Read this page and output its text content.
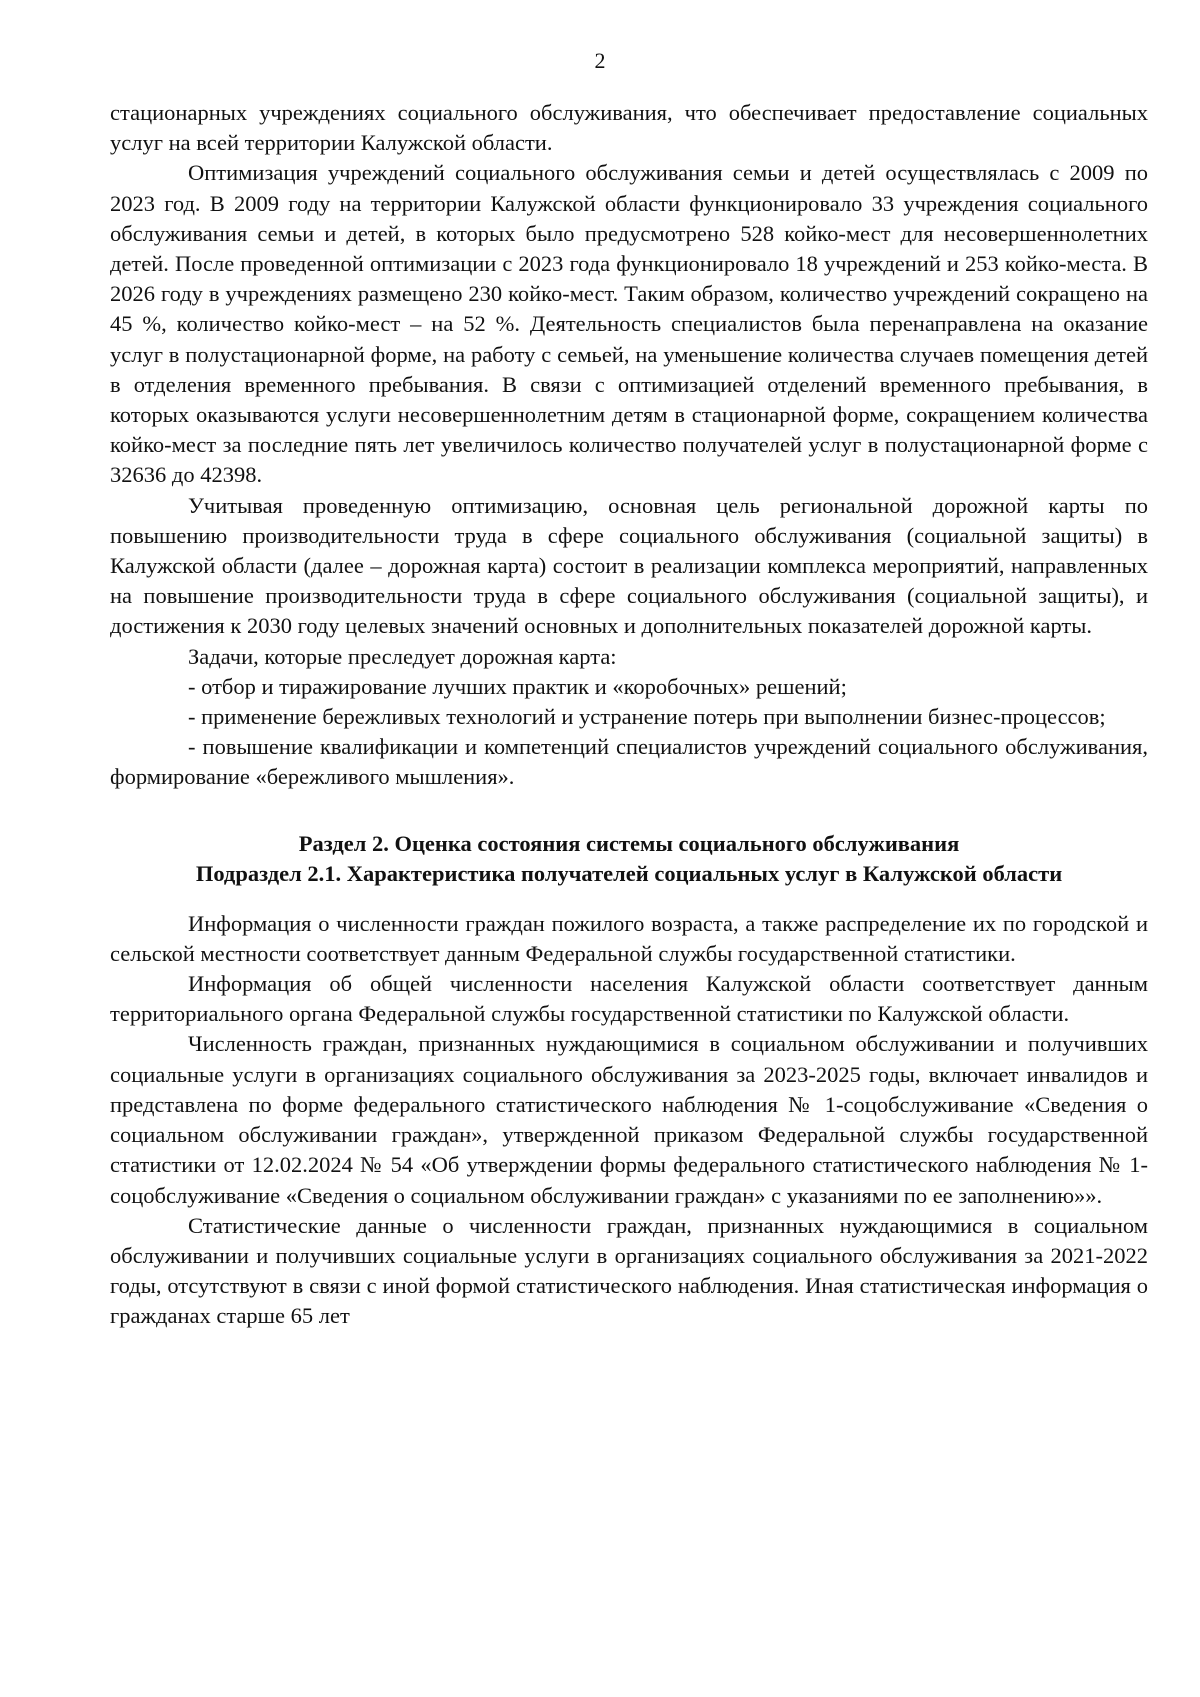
2

стационарных учреждениях социального обслуживания, что обеспечивает предоставление социальных услуг на всей территории Калужской области.

Оптимизация учреждений социального обслуживания семьи и детей осуществлялась с 2009 по 2023 год. В 2009 году на территории Калужской области функционировало 33 учреждения социального обслуживания семьи и детей, в которых было предусмотрено 528 койко-мест для несовершеннолетних детей. После проведенной оптимизации с 2023 года функционировало 18 учреждений и 253 койко-места. В 2026 году в учреждениях размещено 230 койко-мест. Таким образом, количество учреждений сокращено на 45 %, количество койко-мест – на 52 %. Деятельность специалистов была перенаправлена на оказание услуг в полустационарной форме, на работу с семьей, на уменьшение количества случаев помещения детей в отделения временного пребывания. В связи с оптимизацией отделений временного пребывания, в которых оказываются услуги несовершеннолетним детям в стационарной форме, сокращением количества койко-мест за последние пять лет увеличилось количество получателей услуг в полустационарной форме с 32636 до 42398.

Учитывая проведенную оптимизацию, основная цель региональной дорожной карты по повышению производительности труда в сфере социального обслуживания (социальной защиты) в Калужской области (далее – дорожная карта) состоит в реализации комплекса мероприятий, направленных на повышение производительности труда в сфере социального обслуживания (социальной защиты), и достижения к 2030 году целевых значений основных и дополнительных показателей дорожной карты.

Задачи, которые преследует дорожная карта:

- отбор и тиражирование лучших практик и «коробочных» решений;

- применение бережливых технологий и устранение потерь при выполнении бизнес-процессов;

- повышение квалификации и компетенций специалистов учреждений социального обслуживания, формирование «бережливого мышления».

Раздел 2. Оценка состояния системы социального обслуживания
Подраздел 2.1. Характеристика получателей социальных услуг в Калужской области

Информация о численности граждан пожилого возраста, а также распределение их по городской и сельской местности соответствует данным Федеральной службы государственной статистики.

Информация об общей численности населения Калужской области соответствует данным территориального органа Федеральной службы государственной статистики по Калужской области.

Численность граждан, признанных нуждающимися в социальном обслуживании и получивших социальные услуги в организациях социального обслуживания за 2023-2025 годы, включает инвалидов и представлена по форме федерального статистического наблюдения № 1-соцобслуживание «Сведения о социальном обслуживании граждан», утвержденной приказом Федеральной службы государственной статистики от 12.02.2024 № 54 «Об утверждении формы федерального статистического наблюдения № 1-соцобслуживание «Сведения о социальном обслуживании граждан» с указаниями по ее заполнению»».

Статистические данные о численности граждан, признанных нуждающимися в социальном обслуживании и получивших социальные услуги в организациях социального обслуживания за 2021-2022 годы, отсутствуют в связи с иной формой статистического наблюдения. Иная статистическая информация о гражданах старше 65 лет
